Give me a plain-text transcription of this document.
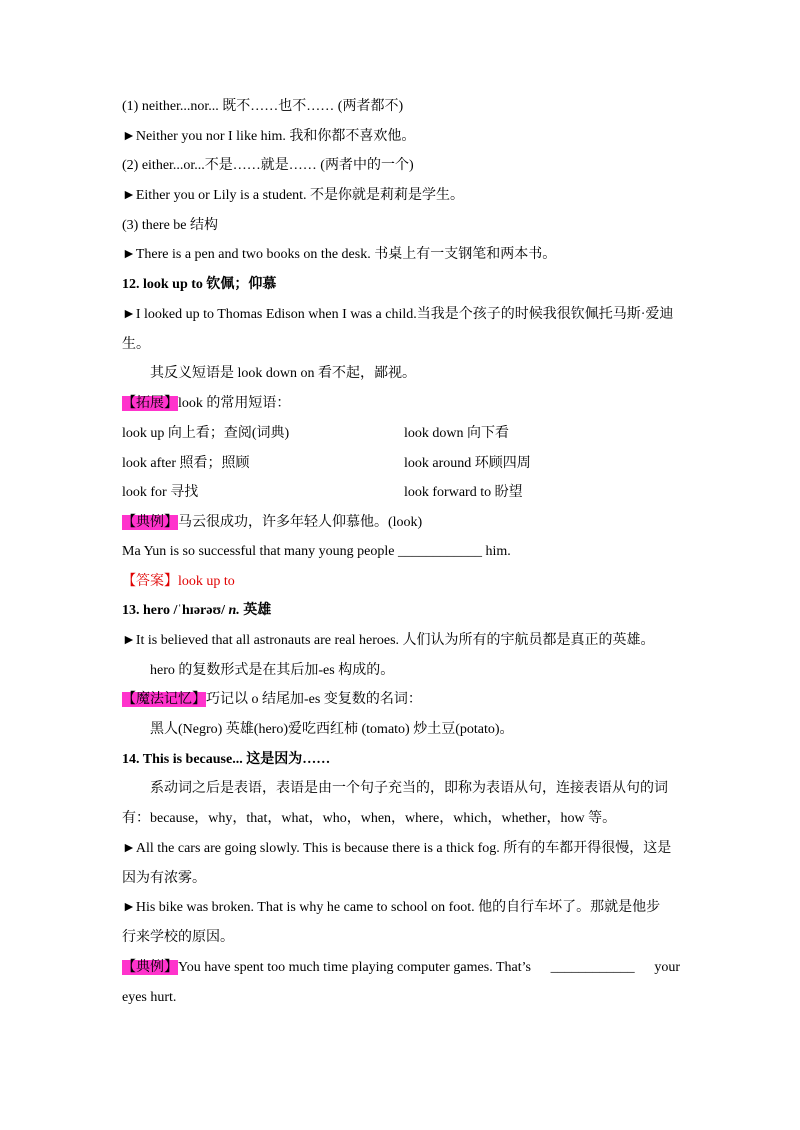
(1) neither...nor... 既不……也不…… (两者都不)
►Neither you nor I like him. 我和你都不喜欢他。
(2) either...or...不是……就是…… (两者中的一个)
►Either you or Lily is a student. 不是你就是莉莉是学生。
(3) there be 结构
►There is a pen and two books on the desk. 书桌上有一支钢笔和两本书。
12. look up to 钦佩；仰慕
►I looked up to Thomas Edison when I was a child.当我是个孩子的时候我很钦佩托马斯·爱迪
生。
其反义短语是 look down on 看不起，鄙视。
【拓展】look 的常用短语：
look up 向上看；查阅(词典)	look down 向下看
look after 照看；照顾	look around 环顾四周
look for 寻找	look forward to 盼望
【典例】马云很成功，许多年轻人仰慕他。(look)
Ma Yun is so successful that many young people ____________ him.
【答案】look up to
13. hero /ˈhɪərəʊ/ n. 英雄
►It is believed that all astronauts are real heroes. 人们认为所有的宇航员都是真正的英雄。
hero 的复数形式是在其后加-es 构成的。
【魔法记忆】巧记以 o 结尾加-es 变复数的名词：
黑人(Negro) 英雄(hero)爱吃西红柿 (tomato) 炒土豆(potato)。
14. This is because... 这是因为……
系动词之后是表语，表语是由一个句子充当的，即称为表语从句，连接表语从句的词
有：because，why，that，what，who，when，where，which，whether，how 等。
►All the cars are going slowly. This is because there is a thick fog. 所有的车都开得很慢，这是
因为有浓雾。
►His bike was broken. That is why he came to school on foot. 他的自行车坏了。那就是他步
行来学校的原因。
【典例】You have spent too much time playing computer games. That’s ____________ your
eyes hurt.
